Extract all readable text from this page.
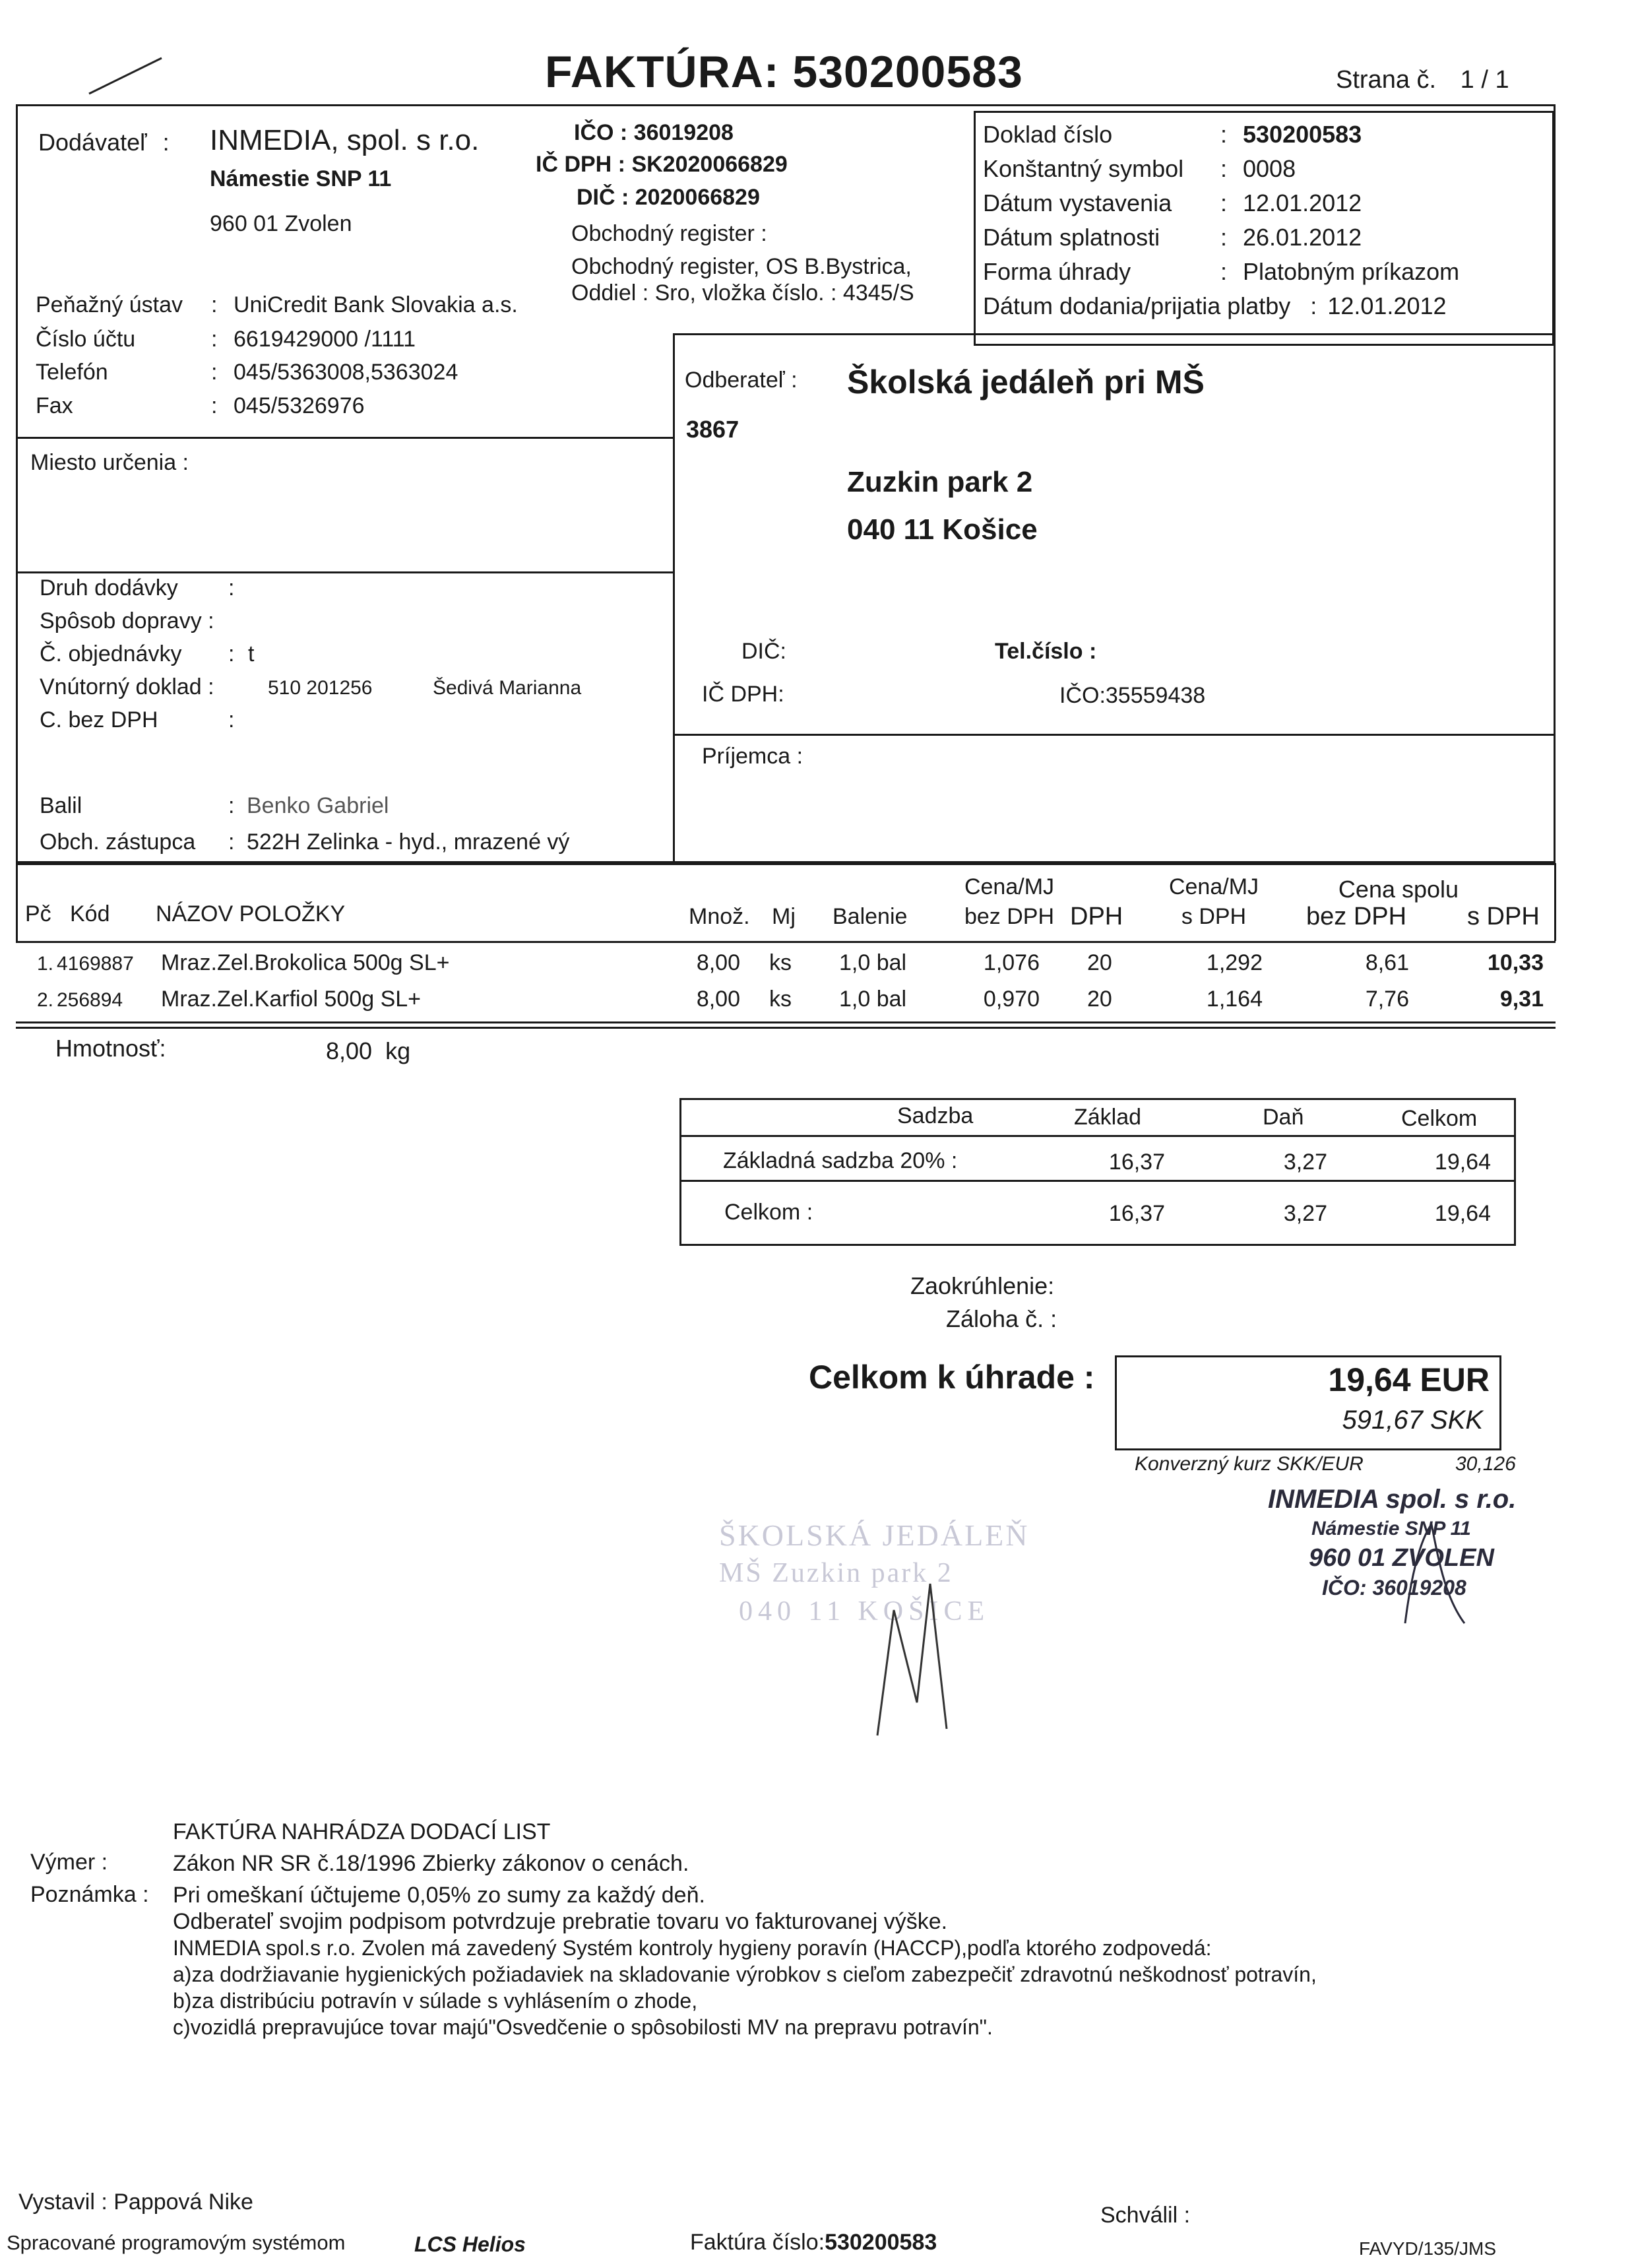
FAKTÚRA: 530200583	Strana č. 1 / 1
Dodávateľ : INMEDIA, spol. s r.o.
Námestie SNP 11
960 01 Zvolen
IČO : 36019208
IČ DPH : SK2020066829
DIČ : 2020066829
Obchodný register :
Obchodný register, OS B.Bystrica,
Oddiel : Sro, vložka číslo. : 4345/S
Peňažný ústav : UniCredit Bank Slovakia a.s.
Číslo účtu	: 6619429000 /1111
Telefón	: 045/5363008,5363024
Fax	: 045/5326976
Doklad číslo	: 530200583
Konštantný symbol : 0008
Dátum vystavenia : 12.01.2012
Dátum splatnosti	: 26.01.2012
Forma úhrady	: Platobným príkazom
Dátum dodania/prijatia platby : 12.01.2012
Miesto určenia :
Druh dodávky :
Spôsob dopravy :
Č. objednávky : t
Vnútorný doklad :	510 201256	Šedivá Marianna
C. bez DPH	:
Balil	: Benko Gabriel
Obch. zástupca : 522H Zelinka - hyd., mrazené vý
Odberateľ : Školská jedáleň pri MŠ
3867
Zuzkin park 2
040 11 Košice
DIČ:	Tel.číslo :
IČ DPH:	IČO:35559438
Príjemca :
Pč Kód NÁZOV POLOŽKY	Množ. Mj Balenie
Cena/MJ
bez DPH DPH
Cena/MJ
s DPH
Cena spolu
bez DPH s DPH
1. 4169887 Mraz.Zel.Brokolica 500g SL+	8,00 ks 1,0 bal	1,076 20	1,292	8,61	10,33
2. 256894 Mraz.Zel.Karfiol 500g SL+	8,00 ks 1,0 bal	0,970 20	1,164	7,76	9,31
Hmotnosť:	8,00 kg
Sadzba	Základ	Daň	Celkom
Základná sadzba 20% :	16,37	3,27	19,64
Celkom :	16,37	3,27	19,64
Zaokrúhlenie:
Záloha č. :
Celkom k úhrade :	19,64 EUR
591,67 SKK
Konverzný kurz SKK/EUR	30,126
ŠKOLSKÁ JEDÁLEŇ
MŠ Zuzkin park 2
040 11 KOŠICE
INMEDIA spol. s r.o.
Námestie SNP 11
960 01 ZVOLEN
IČO: 36019208
FAKTÚRA NAHRÁDZA DODACÍ LIST
Výmer :	Zákon NR SR č.18/1996 Zbierky zákonov o cenách.
Poznámka : Pri omeškaní účtujeme 0,05% zo sumy za každý deň.
Odberateľ svojim podpisom potvrdzuje prebratie tovaru vo fakturovanej výške.
INMEDIA spol.s r.o. Zvolen má zavedený Systém kontroly hygieny poravín (HACCP),podľa ktorého zodpovedá:
a)za dodržiavanie hygienických požiadaviek na skladovanie výrobkov s cieľom zabezpečiť zdravotnú neškodnosť potravín,
b)za distribúciu potravín v súlade s vyhlásením o zhode,
c)vozidlá prepravujúce tovar majú"Osvedčenie o spôsobilosti MV na prepravu potravín".
Vystavil : Pappová Nike
Schválil :
Spracované programovým systémom	LCS Helios	Faktúra číslo:530200583	FAVYD/135/JMS
